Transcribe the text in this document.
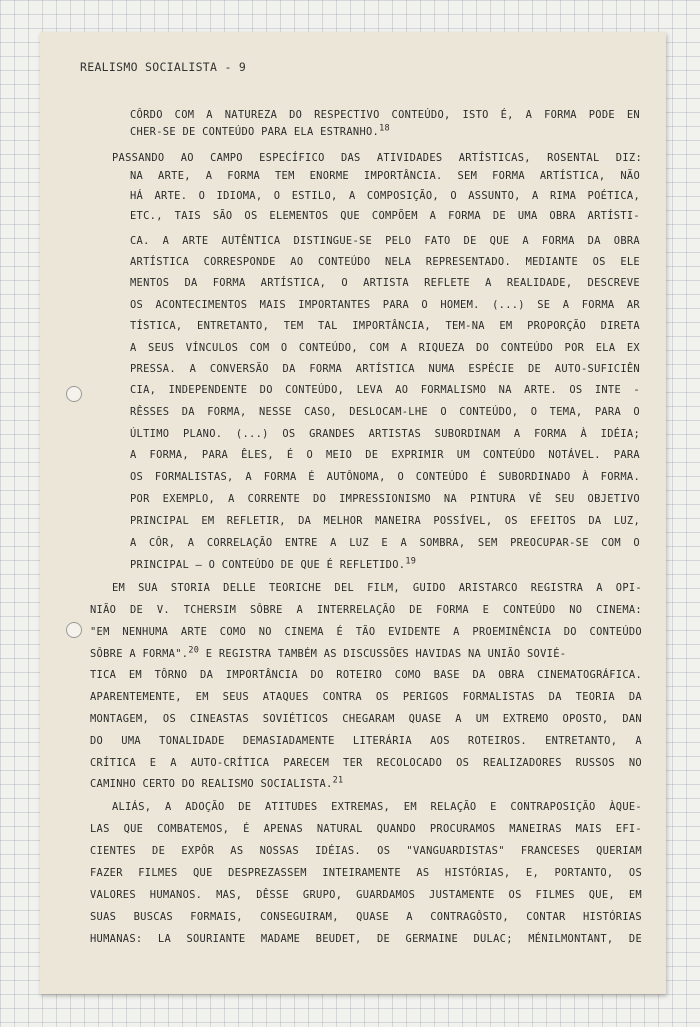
REALISMO SOCIALISTA - 9
CÔRDO COM A NATUREZA DO RESPECTIVO CONTEÚDO, ISTO É, A FORMA PODE EN
CHER-SE DE CONTEÚDO PARA ELA ESTRANHO.$^{18}$
PASSANDO AO CAMPO ESPECÍFICO DAS ATIVIDADES ARTÍSTICAS, ROSENTAL DIZ:
NA ARTE, A FORMA TEM ENORME IMPORTÂNCIA. SEM FORMA ARTÍSTICA, NÃO
HÁ ARTE. O IDIOMA, O ESTILO, A COMPOSIÇÃO, O ASSUNTO, A RIMA POÉTICA,
ETC., TAIS SÃO OS ELEMENTOS QUE COMPÕEM A FORMA DE UMA OBRA ARTÍSTI-
CA. A ARTE AUTÊNTICA DISTINGUE-SE PELO FATO DE QUE A FORMA DA OBRA
ARTÍSTICA CORRESPONDE AO CONTEÚDO NELA REPRESENTADO. MEDIANTE OS ELE
MENTOS DA FORMA ARTÍSTICA, O ARTISTA REFLETE A REALIDADE, DESCREVE
OS ACONTECIMENTOS MAIS IMPORTANTES PARA O HOMEM. (...) SE A FORMA AR
TÍSTICA, ENTRETANTO, TEM TAL IMPORTÂNCIA, TEM-NA EM PROPORÇÃO DIRETA
A SEUS VÍNCULOS COM O CONTEÚDO, COM A RIQUEZA DO CONTEÚDO POR ELA EX
PRESSA. A CONVERSÃO DA FORMA ARTÍSTICA NUMA ESPÉCIE DE AUTO-SUFICIÊN
CIA, INDEPENDENTE DO CONTEÚDO, LEVA AO FORMALISMO NA ARTE. OS INTE -
RÊSSES DA FORMA, NESSE CASO, DESLOCAM-LHE O CONTEÚDO, O TEMA, PARA O
ÚLTIMO PLANO. (...) OS GRANDES ARTISTAS SUBORDINAM A FORMA À IDÉIA;
A FORMA, PARA ÊLES, É O MEIO DE EXPRIMIR UM CONTEÚDO NOTÁVEL. PARA
OS FORMALISTAS, A FORMA É AUTÔNOMA, O CONTEÚDO É SUBORDINADO À FORMA.
POR EXEMPLO, A CORRENTE DO IMPRESSIONISMO NA PINTURA VÊ SEU OBJETIVO
PRINCIPAL EM REFLETIR, DA MELHOR MANEIRA POSSÍVEL, OS EFEITOS DA LUZ,
A CÔR, A CORRELAÇÃO ENTRE A LUZ E A SOMBRA, SEM PREOCUPAR-SE COM O
PRINCIPAL — O CONTEÚDO DE QUE É REFLETIDO.$^{19}$
EM SUA STORIA DELLE TEORICHE DEL FILM, GUIDO ARISTARCO REGISTRA A OPI-
NIÃO DE V. TCHERSIM SÔBRE A INTERRELAÇÃO DE FORMA E CONTEÚDO NO CINEMA:
"EM NENHUMA ARTE COMO NO CINEMA É TÃO EVIDENTE A PROEMINÊNCIA DO CONTEÚDO
SÔBRE A FORMA".$^{20}$ E REGISTRA TAMBÉM AS DISCUSSÕES HAVIDAS NA UNIÃO SOVIÉ-
TICA EM TÔRNO DA IMPORTÂNCIA DO ROTEIRO COMO BASE DA OBRA CINEMATOGRÁFICA.
APARENTEMENTE, EM SEUS ATAQUES CONTRA OS PERIGOS FORMALISTAS DA TEORIA DA
MONTAGEM, OS CINEASTAS SOVIÉTICOS CHEGARAM QUASE A UM EXTREMO OPOSTO, DAN
DO UMA TONALIDADE DEMASIADAMENTE LITERÁRIA AOS ROTEIROS. ENTRETANTO, A
CRÍTICA E A AUTO-CRÍTICA PARECEM TER RECOLOCADO OS REALIZADORES RUSSOS NO
CAMINHO CERTO DO REALISMO SOCIALISTA.$^{21}$
ALIÁS, A ADOÇÃO DE ATITUDES EXTREMAS, EM RELAÇÃO E CONTRAPOSIÇÃO ÀQUE-
LAS QUE COMBATEMOS, É APENAS NATURAL QUANDO PROCURAMOS MANEIRAS MAIS EFI-
CIENTES DE EXPÔR AS NOSSAS IDÉIAS. OS "VANGUARDISTAS" FRANCESES QUERIAM
FAZER FILMES QUE DESPREZASSEM INTEIRAMENTE AS HISTÓRIAS, E, PORTANTO, OS
VALORES HUMANOS. MAS, DÊSSE GRUPO, GUARDAMOS JUSTAMENTE OS FILMES QUE, EM
SUAS BUSCAS FORMAIS, CONSEGUIRAM, QUASE A CONTRAGÔSTO, CONTAR HISTÓRIAS
HUMANAS: LA SOURIANTE MADAME BEUDET, DE GERMAINE DULAC; MÉNILMONTANT, DE
